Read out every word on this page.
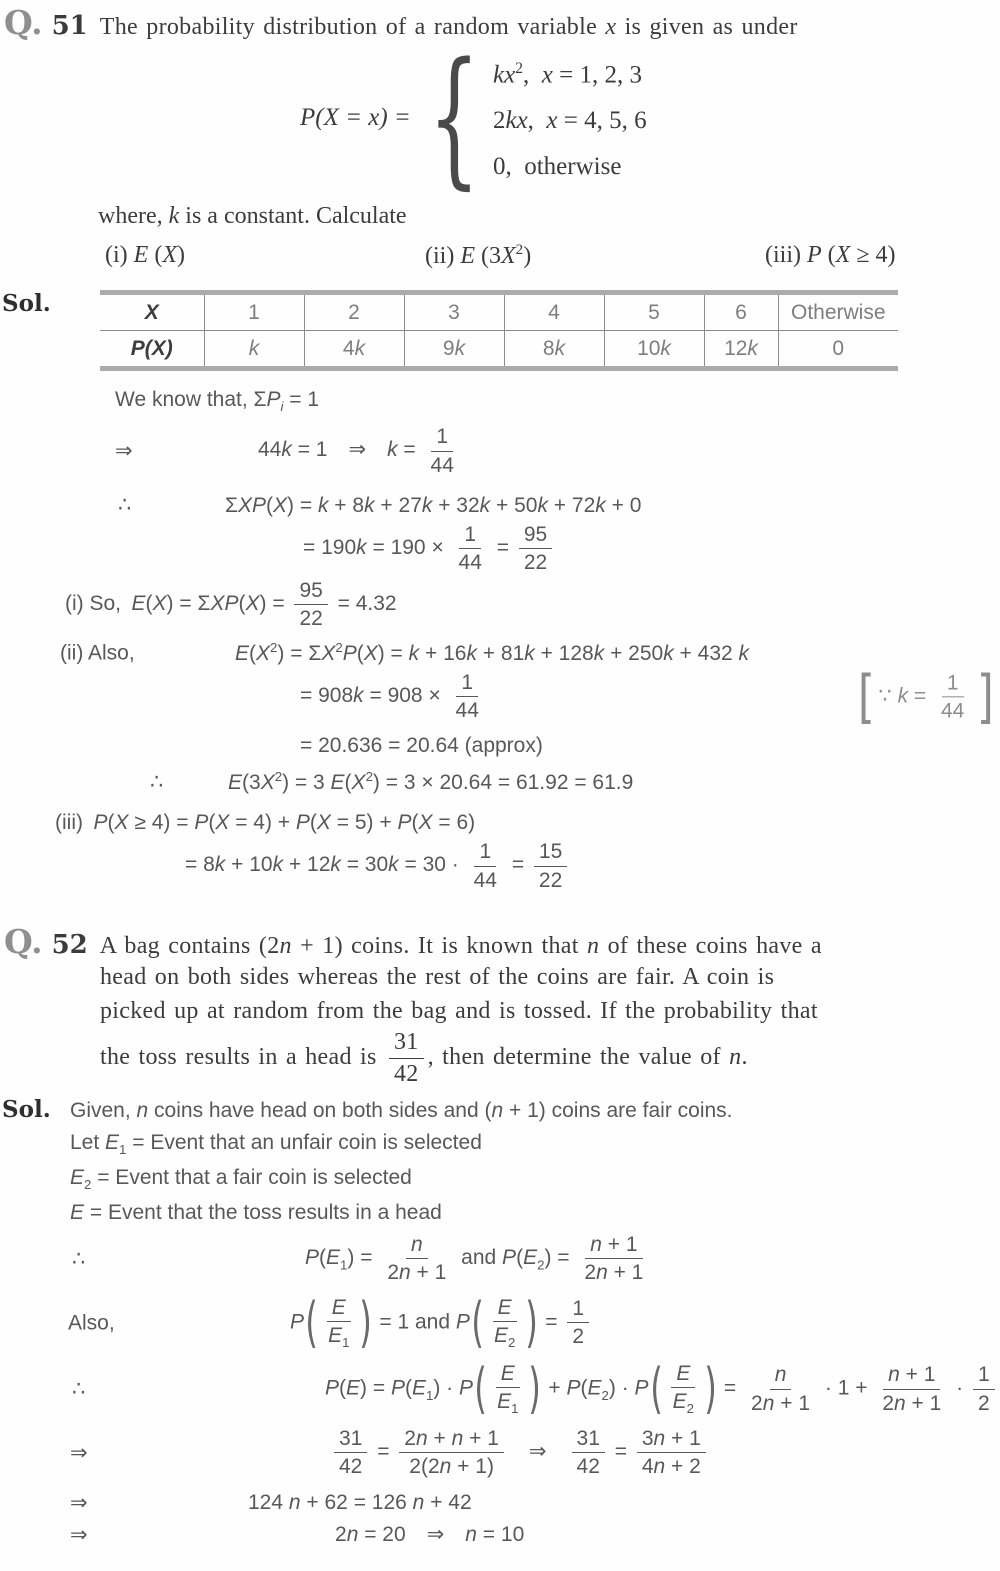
Q. 51 The probability distribution of a random variable x is given as under
P(X = x) = { $kx^2$, x = 1, 2, 3
2kx, x = 4, 5, 6
0, otherwise
where, k is a constant. Calculate
(i) E (X)	(ii) E $(3X^2)$	(iii) P (X ≥ 4)
Sol.	X	1	2	3	4	5	6	Otherwise
P(X)	k	4k	9k	8k	10k	12k	0
We know that, $\Sigma P_i = 1$
⇒	44k = 1 ⇒ $k = \frac{1}{44}$
∴	ΣXP(X) = k + 8k + 27k + 32k + 50k + 72k + 0
= $190k = 190 \times \frac{1}{44} = \frac{95}{22}$
(i) So, $E(X) = \Sigma XP(X) = \frac{95}{22} = 4.32$
(ii) Also,	$E(X^2) = \Sigma X^2P(X) = k + 16k + 81k + 128k + 250k + 432$ k
= $908k = 908 \times \frac{1}{44}$	[ ∵ $k = \frac{1}{44}$ ]
= 20.636 = 20.64 (approx)
∴	$E(3X^2) = 3$ $E(X^2) = 3 \times 20.64 = 61.92 = 61.9$
(iii) P(X ≥ 4) = P(X = 4) + P(X = 5) + P(X = 6)
= $8k + 10k + 12k = 30k = 30 \cdot \frac{1}{44} = \frac{15}{22}$
Q. 52 A bag contains (2n + 1) coins. It is known that n of these coins have a
head on both sides whereas the rest of the coins are fair. A coin is
picked up at random from the bag and is tossed. If the probability that
the toss results in a head is $\frac{31}{42}$ , then determine the value of n.
Sol. Given, n coins have head on both sides and (n + 1) coins are fair coins.
Let $E_1$ = Event that an unfair coin is selected
$E_2$ = Event that a fair coin is selected
E = Event that the toss results in a head
∴	$P(E_1) = \frac{n}{2n + 1}$ and $P(E_2) = \frac{n + 1}{2n + 1}$
Also,	$P( \frac{E}{E_1}$ ) = 1 and $P( \frac{E}{E_2}$ ) = $\frac{1}{2}$
∴	$P(E) = P(E_1) \cdot P( \frac{E}{E_1}$ ) + $P(E_2) \cdot P( \frac{E}{E_2}$ ) = $\frac{n}{2n + 1} \cdot 1 + \frac{n + 1}{2n + 1} \cdot \frac{1}{2}$
⇒	$\frac{31}{42} = \frac{2n + n + 1}{2(2n + 1)}$  ⇒  $\frac{31}{42} = \frac{3n + 1}{4n + 2}$
⇒	124 n + 62 = 126 n + 42
⇒	2n = 20 ⇒ n = 10
